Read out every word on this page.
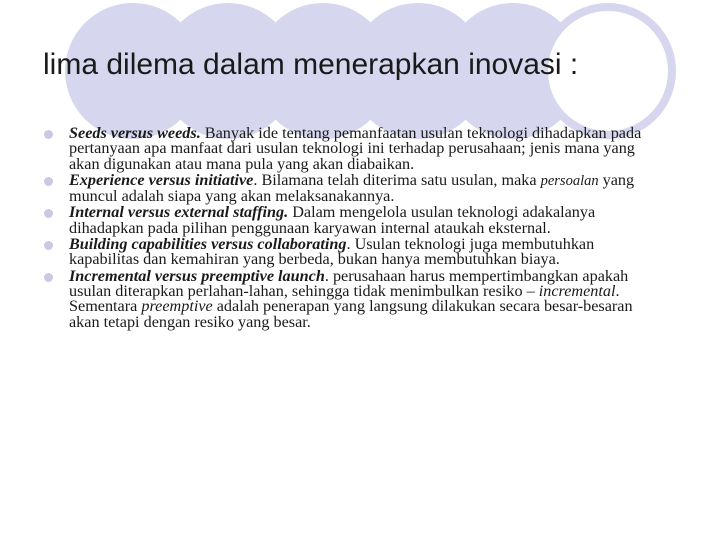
lima dilema dalam menerapkan inovasi :
Seeds versus weeds. Banyak ide tentang pemanfaatan usulan teknologi dihadapkan pada pertanyaan apa manfaat dari usulan teknologi ini terhadap perusahaan; jenis mana yang akan digunakan atau mana pula yang akan diabaikan.
Experience versus initiative. Bilamana telah diterima satu usulan, maka persoalan yang muncul adalah siapa yang akan melaksanakannya.
Internal versus external staffing. Dalam mengelola usulan teknologi adakalanya dihadapkan pada pilihan penggunaan karyawan internal ataukah eksternal.
Building capabilities versus collaborating. Usulan teknologi juga membutuhkan kapabilitas dan kemahiran yang berbeda, bukan hanya membutuhkan biaya.
Incremental versus preemptive launch. perusahaan harus mempertimbangkan apakah usulan diterapkan perlahan-lahan, sehingga tidak menimbulkan resiko – incremental. Sementara preemptive adalah penerapan yang langsung dilakukan secara besar-besaran akan tetapi dengan resiko yang besar.
